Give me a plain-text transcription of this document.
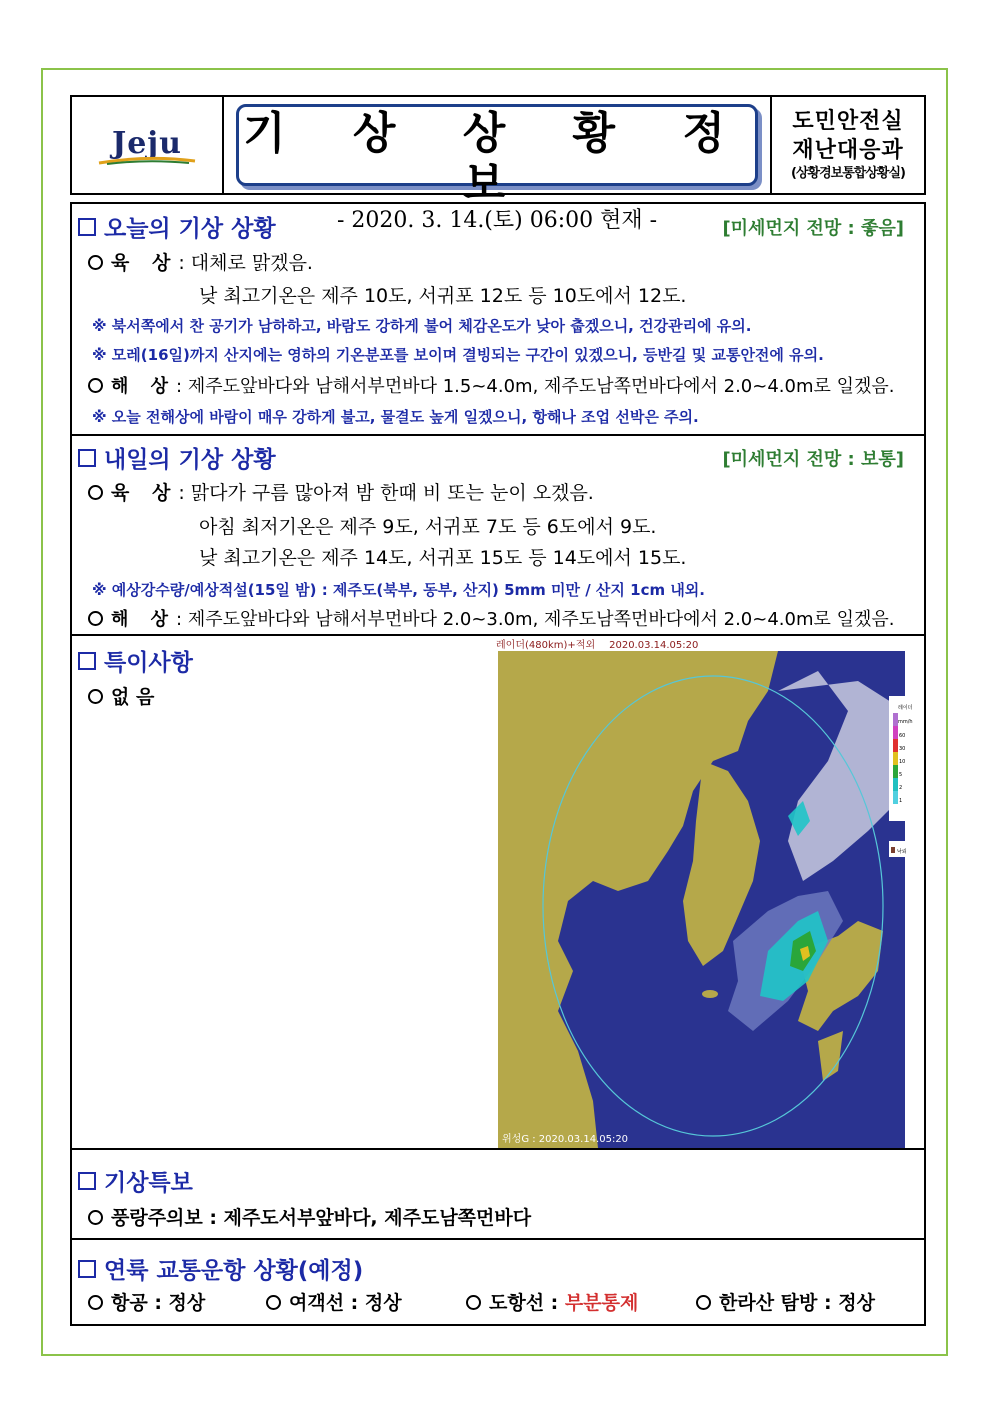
Jeju 기 상 상 황 정 보
- 2020. 3. 14.(토) 06:00 현재 -
도민안전실
재난대응과
(상황경보통합상황실)
오늘의 기상 상황	[미세먼지 전망 : 좋음]
육 상: 대체로 맑겠음.
낮 최고기온은 제주 10도, 서귀포 12도 등 10도에서 12도.
※ 북서쪽에서 찬 공기가 남하하고, 바람도 강하게 불어 체감온도가 낮아 춥겠으니, 건강관리에 유의.
※ 모레(16일)까지 산지에는 영하의 기온분포를 보이며 결빙되는 구간이 있겠으니, 등반길 및 교통안전에 유의.
해 상: 제주도앞바다와 남해서부먼바다 1.5~4.0m, 제주도남쪽먼바다에서 2.0~4.0m로 일겠음.
※ 오늘 전해상에 바람이 매우 강하게 불고, 물결도 높게 일겠으니, 항해나 조업 선박은 주의.
내일의 기상 상황	[미세먼지 전망 : 보통]
육 상: 맑다가 구름 많아져 밤 한때 비 또는 눈이 오겠음.
아침 최저기온은 제주 9도, 서귀포 7도 등 6도에서 9도.
낮 최고기온은 제주 14도, 서귀포 15도 등 14도에서 15도.
※ 예상강수량/예상적설(15일 밤) : 제주도(북부, 동부, 산지) 5mm 미만 / 산지 1cm 내외.
해 상: 제주도앞바다와 남해서부먼바다 2.0~3.0m, 제주도남쪽먼바다에서 2.0~4.0m로 일겠음.
특이사항
없 음
레이더(480km)+적외 2020.03.14.05:20
레이더
mm/h
60
30
10
5
2
1
낙뢰
위성G : 2020.03.14.05:20
기상특보
풍랑주의보 : 제주도서부앞바다, 제주도남쪽먼바다
연륙 교통운항 상황(예정)
항공 : 정상	여객선 : 정상	도항선 : 부분통제	한라산 탐방 : 정상
